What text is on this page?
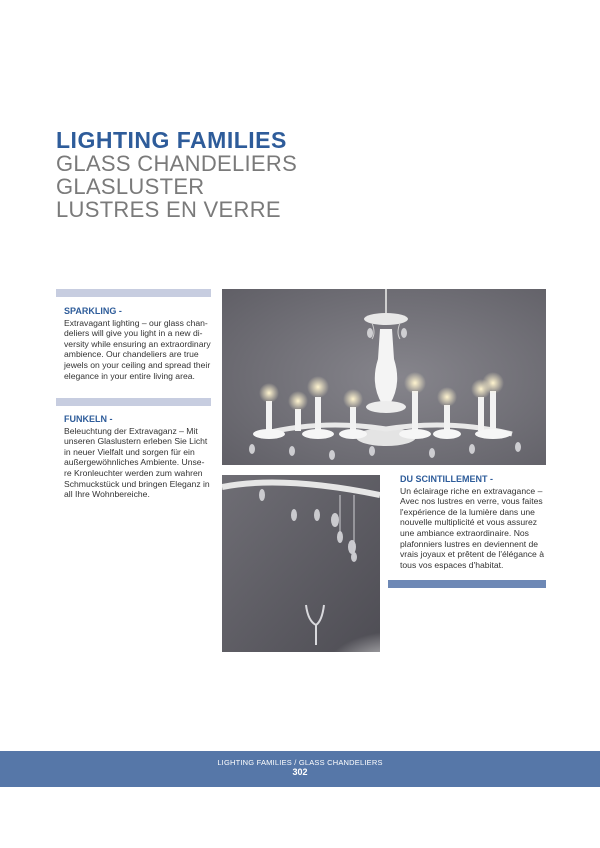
LIGHTING FAMILIES
GLASS CHANDELIERS
GLASLUSTER
LUSTRES EN VERRE
SPARKLING -
Extravagant lighting – our glass chan-
deliers will give you light in a new di-
versity while ensuring an extraordinary
ambience. Our chandeliers are true
jewels on your ceiling and spread their
elegance in your entire living area.
FUNKELN -
Beleuchtung der Extravaganz – Mit
unseren Glaslustern erleben Sie Licht
in neuer Vielfalt und sorgen für ein
außergewöhnliches Ambiente. Unse-
re Kronleuchter werden zum wahren
Schmuckstück und bringen Eleganz in
all Ihre Wohnbereiche.
DU SCINTILLEMENT -
Un éclairage riche en extravagance –
Avec nos lustres en verre, vous faites
l'expérience de la lumière dans une
nouvelle multiplicité et vous assurez
une ambiance extraordinaire. Nos
plafonniers lustres en deviennent de
vrais joyaux et prêtent de l'élégance à
tous vos espaces d'habitat.
LIGHTING FAMILIES / GLASS CHANDELIERS
302
